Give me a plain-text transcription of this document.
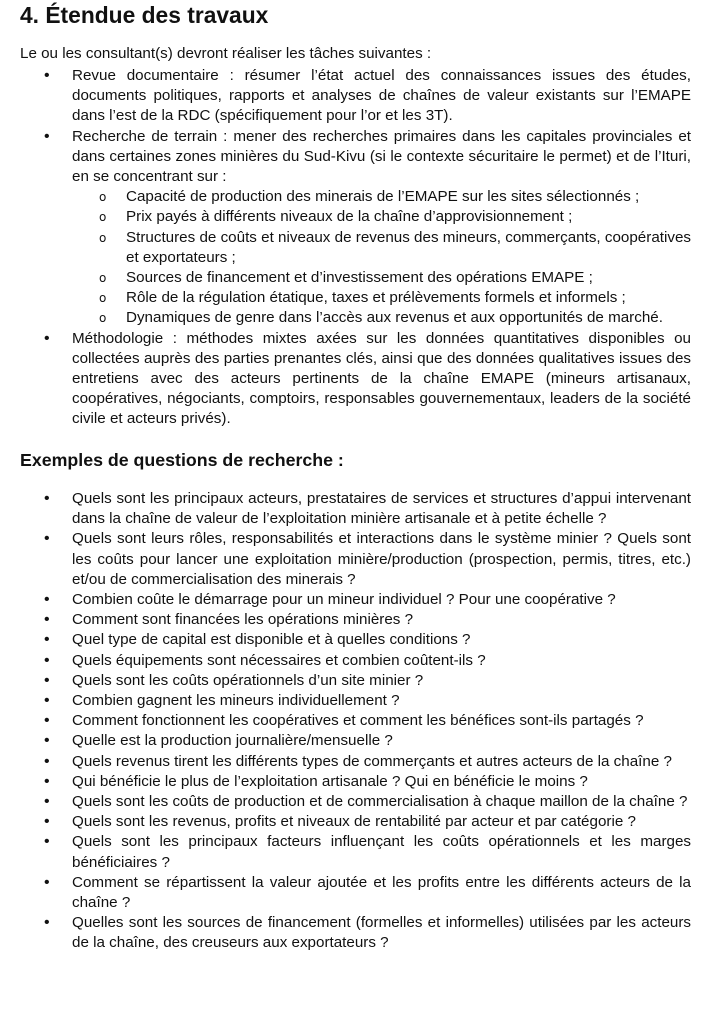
4. Étendue des travaux

Le ou les consultant(s) devront réaliser les tâches suivantes :

• Revue documentaire : résumer l’état actuel des connaissances issues des études, documents politiques, rapports et analyses de chaînes de valeur existants sur l’EMAPE dans l’est de la RDC (spécifiquement pour l’or et les 3T).
• Recherche de terrain : mener des recherches primaires dans les capitales provinciales et dans certaines zones minières du Sud-Kivu (si le contexte sécuritaire le permet) et de l’Ituri, en se concentrant sur :
o Capacité de production des minerais de l’EMAPE sur les sites sélectionnés ;
o Prix payés à différents niveaux de la chaîne d’approvisionnement ;
o Structures de coûts et niveaux de revenus des mineurs, commerçants, coopératives et exportateurs ;
o Sources de financement et d’investissement des opérations EMAPE ;
o Rôle de la régulation étatique, taxes et prélèvements formels et informels ;
o Dynamiques de genre dans l’accès aux revenus et aux opportunités de marché.
• Méthodologie : méthodes mixtes axées sur les données quantitatives disponibles ou collectées auprès des parties prenantes clés, ainsi que des données qualitatives issues des entretiens avec des acteurs pertinents de la chaîne EMAPE (mineurs artisanaux, coopératives, négociants, comptoirs, responsables gouvernementaux, leaders de la société civile et acteurs privés).
Exemples de questions de recherche :
• Quels sont les principaux acteurs, prestataires de services et structures d’appui intervenant dans la chaîne de valeur de l’exploitation minière artisanale et à petite échelle ?
• Quels sont leurs rôles, responsabilités et interactions dans le système minier ? Quels sont les coûts pour lancer une exploitation minière/production (prospection, permis, titres, etc.) et/ou de commercialisation des minerais ?
• Combien coûte le démarrage pour un mineur individuel ? Pour une coopérative ?
• Comment sont financées les opérations minières ?
• Quel type de capital est disponible et à quelles conditions ?
• Quels équipements sont nécessaires et combien coûtent-ils ?
• Quels sont les coûts opérationnels d’un site minier ?
• Combien gagnent les mineurs individuellement ?
• Comment fonctionnent les coopératives et comment les bénéfices sont-ils partagés ?
• Quelle est la production journalière/mensuelle ?
• Quels revenus tirent les différents types de commerçants et autres acteurs de la chaîne ?
• Qui bénéficie le plus de l’exploitation artisanale ? Qui en bénéficie le moins ?
• Quels sont les coûts de production et de commercialisation à chaque maillon de la chaîne ?
• Quels sont les revenus, profits et niveaux de rentabilité par acteur et par catégorie ?
• Quels sont les principaux facteurs influençant les coûts opérationnels et les marges bénéficiaires ?
• Comment se répartissent la valeur ajoutée et les profits entre les différents acteurs de la chaîne ?
• Quelles sont les sources de financement (formelles et informelles) utilisées par les acteurs de la chaîne, des creuseurs aux exportateurs ?
